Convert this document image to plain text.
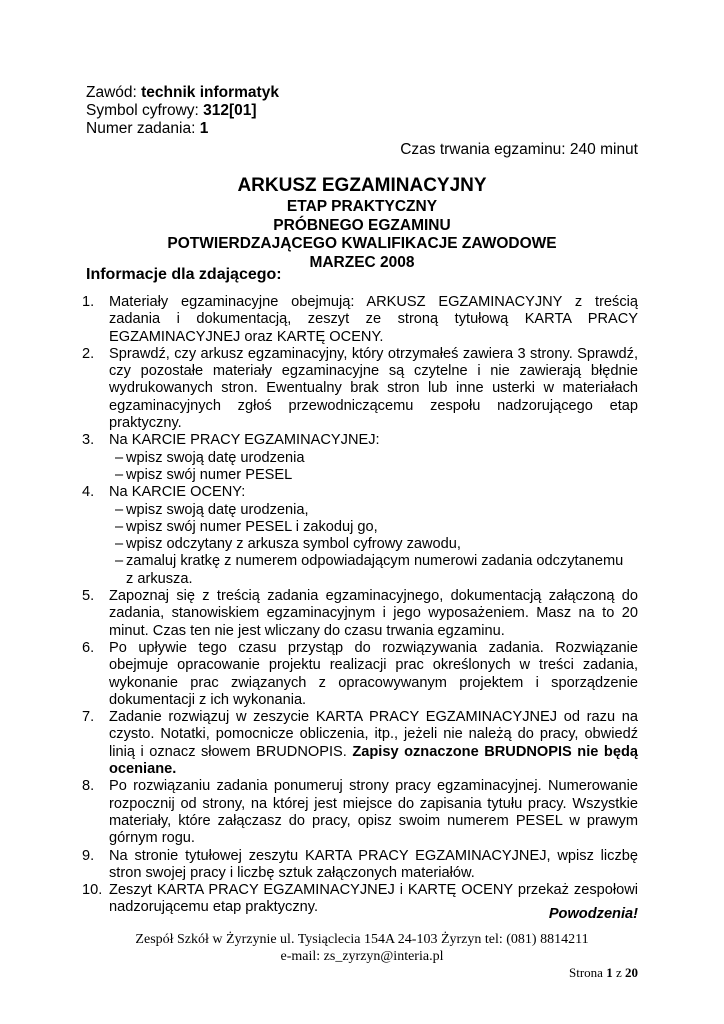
Zawód: technik informatyk
Symbol cyfrowy: 312[01]
Numer zadania: 1
Czas trwania egzaminu: 240 minut
ARKUSZ EGZAMINACYJNY
ETAP PRAKTYCZNY
PRÓBNEGO EGZAMINU
POTWIERDZAJĄCEGO KWALIFIKACJE ZAWODOWE
MARZEC 2008
Informacje dla zdającego:
1. Materiały egzaminacyjne obejmują: ARKUSZ EGZAMINACYJNY z treścią zadania i dokumentacją, zeszyt ze stroną tytułową KARTA PRACY EGZAMINACYJNEJ oraz KARTĘ OCENY.
2. Sprawdź, czy arkusz egzaminacyjny, który otrzymałeś zawiera 3 strony. Sprawdź, czy pozostałe materiały egzaminacyjne są czytelne i nie zawierają błędnie wydrukowanych stron. Ewentualny brak stron lub inne usterki w materiałach egzaminacyjnych zgłoś przewodniczącemu zespołu nadzorującego etap praktyczny.
3. Na KARCIE PRACY EGZAMINACYJNEJ:
– wpisz swoją datę urodzenia
– wpisz swój numer PESEL
4. Na KARCIE OCENY:
– wpisz swoją datę urodzenia,
– wpisz swój numer PESEL i zakoduj go,
– wpisz odczytany z arkusza symbol cyfrowy zawodu,
– zamaluj kratkę z numerem odpowiadającym numerowi zadania odczytanemu
z arkusza.
5. Zapoznaj się z treścią zadania egzaminacyjnego, dokumentacją załączoną do zadania, stanowiskiem egzaminacyjnym i jego wyposażeniem. Masz na to 20 minut. Czas ten nie jest wliczany do czasu trwania egzaminu.
6. Po upływie tego czasu przystąp do rozwiązywania zadania. Rozwiązanie obejmuje opracowanie projektu realizacji prac określonych w treści zadania, wykonanie prac związanych z opracowywanym projektem i sporządzenie dokumentacji z ich wykonania.
7. Zadanie rozwiązuj w zeszycie KARTA PRACY EGZAMINACYJNEJ od razu na czysto. Notatki, pomocnicze obliczenia, itp., jeżeli nie należą do pracy, obwiedź linią i oznacz słowem BRUDNOPIS. Zapisy oznaczone BRUDNOPIS nie będą oceniane.
8. Po rozwiązaniu zadania ponumeruj strony pracy egzaminacyjnej. Numerowanie rozpocznij od strony, na której jest miejsce do zapisania tytułu pracy. Wszystkie materiały, które załączasz do pracy, opisz swoim numerem PESEL w prawym górnym rogu.
9. Na stronie tytułowej zeszytu KARTA PRACY EGZAMINACYJNEJ, wpisz liczbę stron swojej pracy i liczbę sztuk załączonych materiałów.
10. Zeszyt KARTA PRACY EGZAMINACYJNEJ i KARTĘ OCENY przekaż zespołowi nadzorującemu etap praktyczny.	Powodzenia!
Zespół Szkół w Żyrzynie ul. Tysiąclecia 154A 24-103 Żyrzyn tel: (081) 8814211
e-mail: zs_zyrzyn@interia.pl
Strona 1 z 20
